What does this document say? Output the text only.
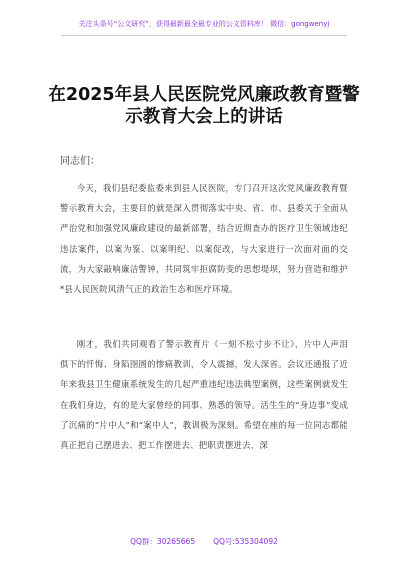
关注头条号“公文研究”，获得最新最全最专业的公文资料库！ 微信：gongwenyj
在2025年县人民医院党风廉政教育暨警示教育大会上的讲话
同志们：
今天，我们县纪委监委来到县人民医院，专门召开这次党风廉政教育暨警示教育大会，主要目的就是深入贯彻落实中央、省、市、县委关于全面从严治党和加强党风廉政建设的最新部署，结合近期查办的医疗卫生领域违纪违法案件，以案为鉴、以案明纪、以案促改，与大家进行一次面对面的交流，为大家敲响廉洁警钟，共同筑牢拒腐防变的思想堤坝，努力营造和维护*县人民医院风清气正的政治生态和医疗环境。
刚才，我们共同观看了警示教育片《一刻不松寸步不让》，片中人声泪俱下的忏悔、身陷囹圄的惨痛教训，令人震撼，发人深省。会议还通报了近年来我县卫生健康系统发生的几起严重违纪违法典型案例，这些案例就发生在我们身边，有的是大家曾经的同事、熟悉的领导。活生生的“身边事”变成了沉痛的“片中人”和“案中人”，教训极为深刻。希望在座的每一位同志都能真正把自己摆进去、把工作摆进去、把职责摆进去，深
QQ群：30265665 QQ号:535304092
